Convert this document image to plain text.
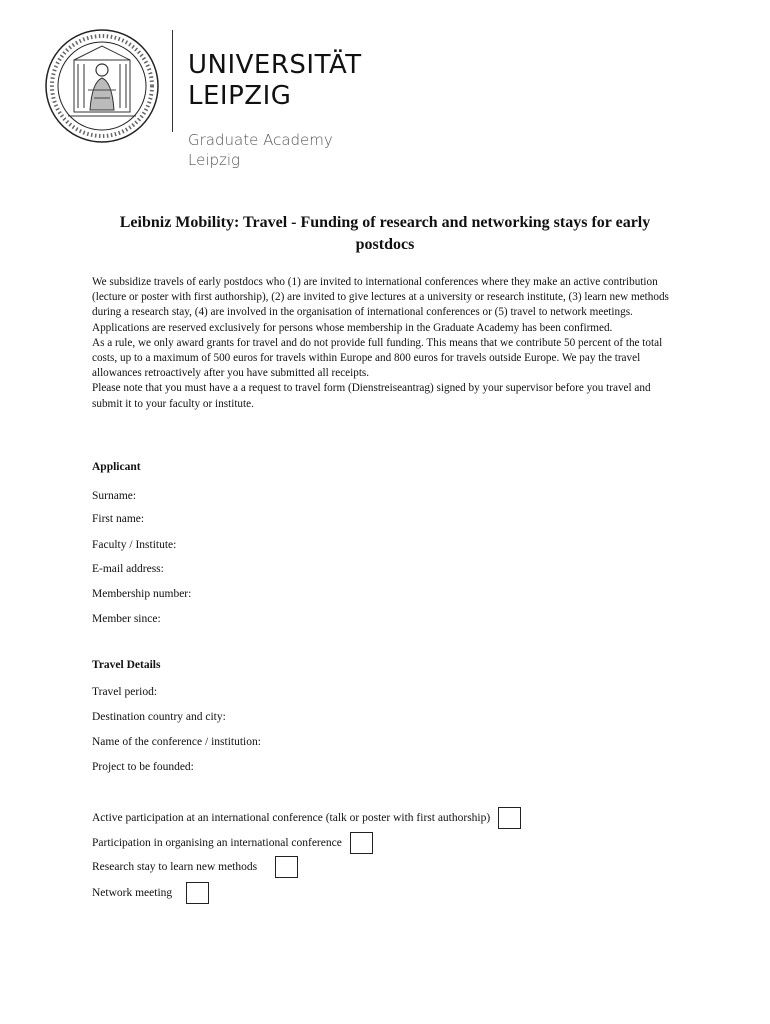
UNIVERSITÄT
LEIPZIG
Graduate Academy
Leipzig
Leibniz Mobility: Travel - Funding of research and networking stays for early postdocs

We subsidize travels of early postdocs who (1) are invited to international conferences where they make an active contribution (lecture or poster with first authorship), (2) are invited to give lectures at a university or research institute, (3) learn new methods during a research stay, (4) are involved in the organisation of international conferences or (5) travel to network meetings. Applications are reserved exclusively for persons whose membership in the Graduate Academy has been confirmed.

As a rule, we only award grants for travel and do not provide full funding. This means that we contribute 50 percent of the total costs, up to a maximum of 500 euros for travels within Europe and 800 euros for travels outside Europe. We pay the travel allowances retroactively after you have submitted all receipts.

Please note that you must have a a request to travel form (Dienstreiseantrag) signed by your supervisor before you travel and submit it to your faculty or institute.

Applicant
Surname:
First name:
Faculty / Institute:
E-mail address:
Membership number:
Member since:
Travel Details
Travel period:
Destination country and city:
Name of the conference / institution:
Project to be founded:
Active participation at an international conference (talk or poster with first authorship)
Participation in organising an international conference
Research stay to learn new methods
Network meeting
